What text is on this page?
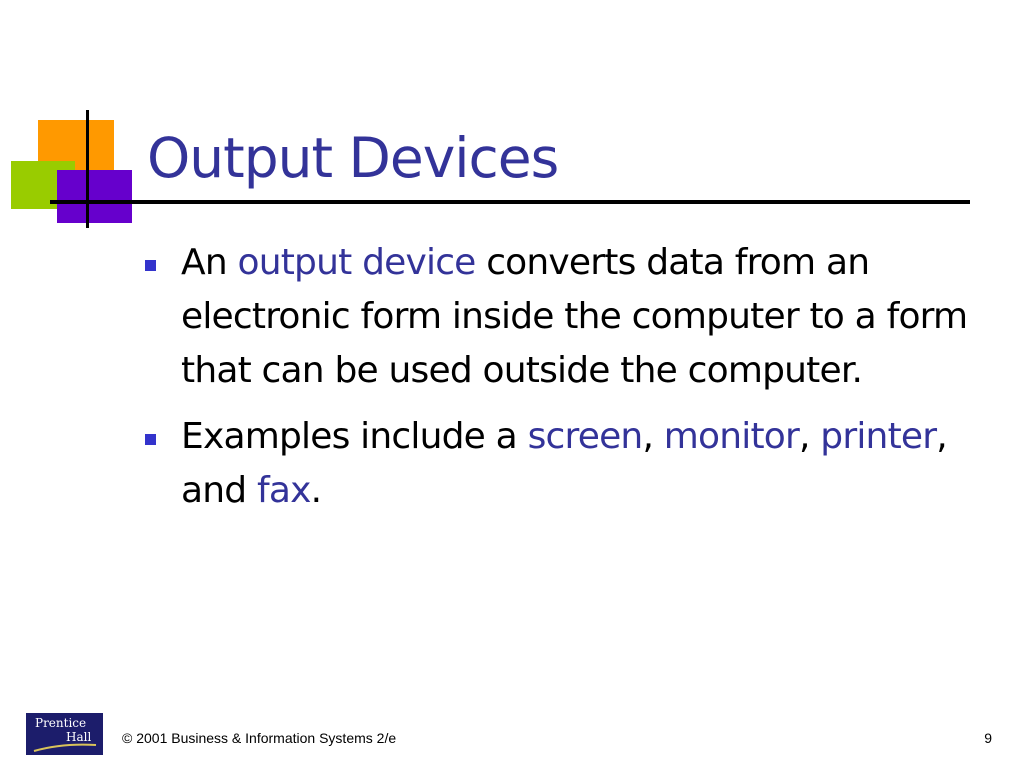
Output Devices
An output device converts data from an electronic form inside the computer to a form that can be used outside the computer.
Examples include a screen, monitor, printer, and fax.
Prentice
Hall © 2001 Business & Information Systems 2/e	9
